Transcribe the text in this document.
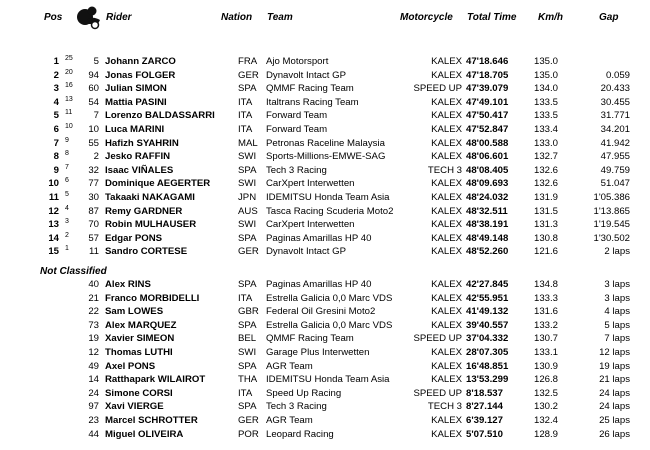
Pos	Rider	Nation Team	Motorcycle Total Time Km/h	Gap
1 25 5 Johann ZARCO	FRA Ajo Motorsport	KALEX 47'18.646	135.0
2 20 94 Jonas FOLGER	GER Dynavolt Intact GP	KALEX 47'18.705	135.0	0.059
3 16 60 Julian SIMON	SPA QMMF Racing Team	SPEED UP 47'39.079	134.0	20.433
4 13 54 Mattia PASINI	ITA Italtrans Racing Team	KALEX 47'49.101	133.5	30.455
5 11 7 Lorenzo BALDASSARRI ITA Forward Team	KALEX 47'50.417	133.5	31.771
6 10 10 Luca MARINI	ITA Forward Team	KALEX 47'52.847	133.4	34.201
7 9 55 Hafizh SYAHRIN	MAL Petronas Raceline Malaysia	KALEX 48'00.588	133.0	41.942
8 8	2 Jesko RAFFIN	SWI Sports-Millions-EMWE-SAG	KALEX 48'06.601	132.7	47.955
9 7 32 Isaac VIÑALES	SPA Tech 3 Racing	TECH 3 48'08.405	132.6	49.759
10 6 77 Dominique AEGERTER	SWI CarXpert Interwetten	KALEX 48'09.693	132.6	51.047
11 5 30 Takaaki NAKAGAMI	JPN IDEMITSU Honda Team Asia	KALEX 48'24.032	131.9	1'05.386
12 4 87 Remy GARDNER	AUS Tasca Racing Scuderia Moto2	KALEX 48'32.511	131.5	1'13.865
13 3 70 Robin MULHAUSER	SWI CarXpert Interwetten	KALEX 48'38.191	131.3	1'19.545
14 2 57 Edgar PONS	SPA Paginas Amarillas HP 40	KALEX 48'49.148	130.8	1'30.502
15 1 11 Sandro CORTESE	GER Dynavolt Intact GP	KALEX 48'52.260	121.6	2 laps
Not Classified
40 Alex RINS	SPA Paginas Amarillas HP 40	KALEX 42'27.845	134.8	3 laps
21 Franco MORBIDELLI	ITA Estrella Galicia 0,0 Marc VDS	KALEX 42'55.951	133.3	3 laps
22 Sam LOWES	GBR Federal Oil Gresini Moto2	KALEX 41'49.132	131.6	4 laps
73 Alex MARQUEZ	SPA Estrella Galicia 0,0 Marc VDS	KALEX 39'40.557	133.2	5 laps
19 Xavier SIMEON	BEL QMMF Racing Team	SPEED UP 37'04.332	130.7	7 laps
12 Thomas LUTHI	SWI Garage Plus Interwetten	KALEX 28'07.305	133.1	12 laps
49 Axel PONS	SPA AGR Team	KALEX 16'48.851	130.9	19 laps
14 Ratthapark WILAIROT	THA IDEMITSU Honda Team Asia	KALEX 13'53.299	126.8	21 laps
24 Simone CORSI	ITA Speed Up Racing	SPEED UP 8'18.537	132.5	24 laps
97 Xavi VIERGE	SPA Tech 3 Racing	TECH 3 8'27.144	130.2	24 laps
23 Marcel SCHROTTER	GER AGR Team	KALEX 6'39.127	132.4	25 laps
44 Miguel OLIVEIRA	POR Leopard Racing	KALEX 5'07.510	128.9	26 laps
